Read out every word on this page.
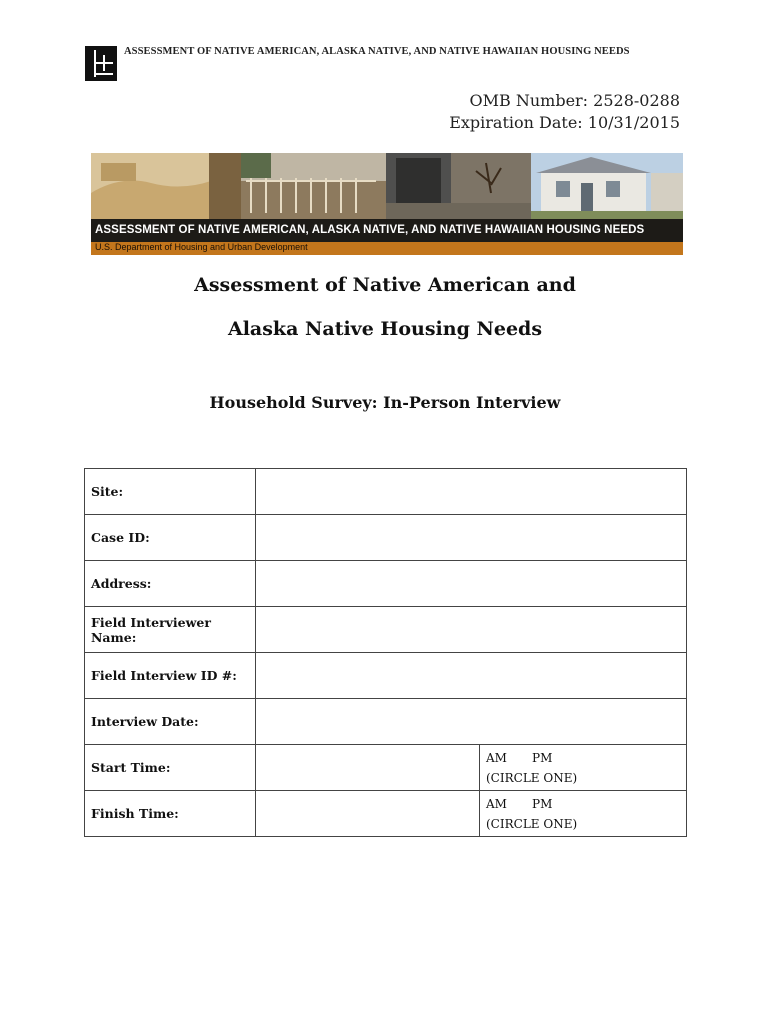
ASSESSMENT OF NATIVE AMERICAN, ALASKA NATIVE, AND NATIVE HAWAIIAN HOUSING NEEDS
OMB Number: 2528-0288
Expiration Date: 10/31/2015
ASSESSMENT OF NATIVE AMERICAN, ALASKA NATIVE, AND NATIVE HAWAIIAN HOUSING NEEDS
U.S. Department of Housing and Urban Development
Assessment of Native American and
Alaska Native Housing Needs
Household Survey: In-Person Interview
Site:		
Case ID:		
Address:		
Field Interviewer Name:		
Field Interview ID #:		
Interview Date:		
Start Time:		AM PM
(CIRCLE ONE)
Finish Time:		AM PM
(CIRCLE ONE)
